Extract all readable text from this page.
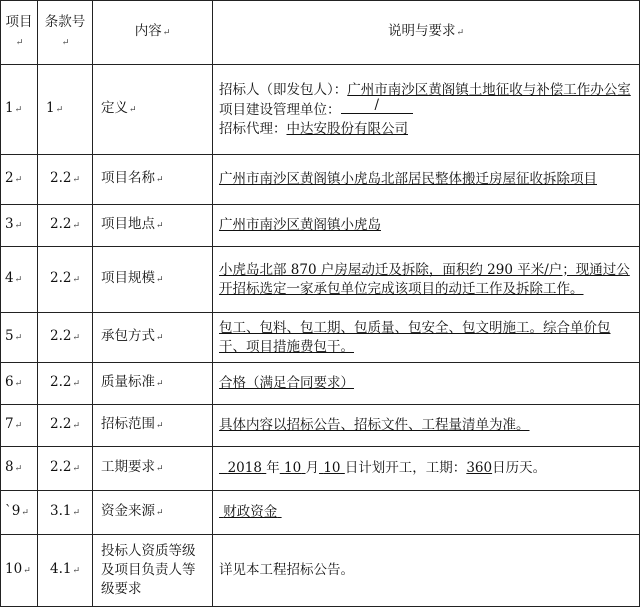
项目↵	条款号↵	内容↵	说明与要求↵
1↵	1↵	定义↵	招标人（即发包人）：广州市南沙区黄阁镇土地征收与补偿工作办公室
项目建设管理单位： /
招标代理：中达安股份有限公司

2↵	2.2↵	项目名称↵	广州市南沙区黄阁镇小虎岛北部居民整体搬迁房屋征收拆除项目
3↵	2.2↵	项目地点↵	广州市南沙区黄阁镇小虎岛
4↵	2.2↵	项目规模↵	小虎岛北部 870 户房屋动迁及拆除，面积约 290 平米/户；现通过公开招标选定一家承包单位完成该项目的动迁工作及拆除工作。
5↵	2.2↵	承包方式↵	包工、包料、包工期、包质量、包安全、包文明施工。综合单价包干、项目措施费包干。
6↵	2.2↵	质量标准↵	合格（满足合同要求）
7↵	2.2↵	招标范围↵	具体内容以招标公告、招标文件、工程量清单为准。
8↵	2.2↵	工期要求↵	2018 年 10 月 10 日计划开工，工期：360日历天。
`9↵	3.1↵	资金来源↵	财政资金
10↵	4.1↵	投标人资质等级及项目负责人等级要求	详见本工程招标公告。
